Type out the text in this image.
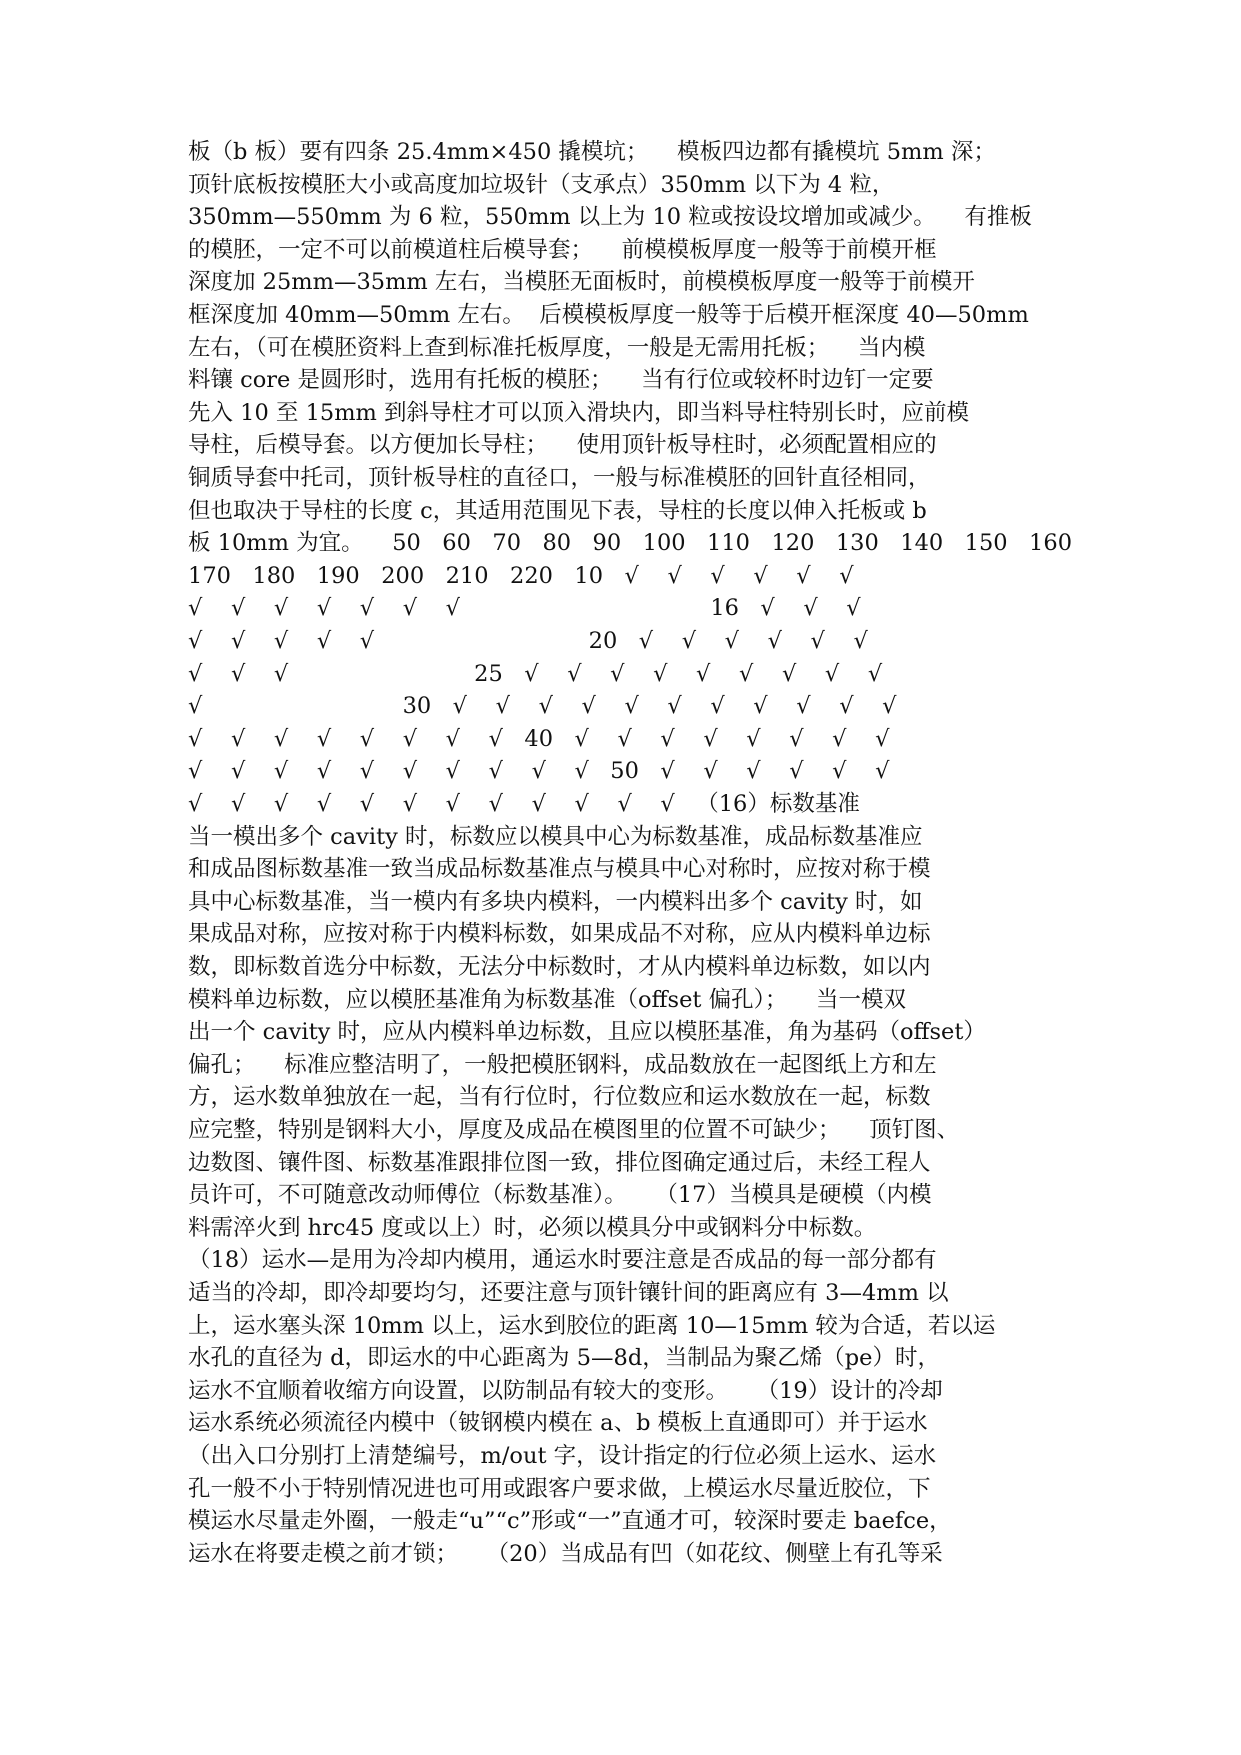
板（b 板）要有四条 25.4mm×450 撬模坑；    模板四边都有撬模坑 5mm 深；

顶针底板按模胚大小或高度加垃圾针（支承点）350mm 以下为 4 粒，

350mm—550mm 为 6 粒，550mm 以上为 10 粒或按设坟增加或减少。    有推板

的模胚，一定不可以前模道柱后模导套；    前模模板厚度一般等于前模开框

深度加 25mm—35mm 左右，当模胚无面板时，前模模板厚度一般等于前模开

框深度加 40mm—50mm 左右。  后模模板厚度一般等于后模开框深度 40—50mm

左右，（可在模胚资料上查到标准托板厚度，一般是无需用托板；    当内模

料镶 core 是圆形时，选用有托板的模胚；    当有行位或较杯时边钉一定要

先入 10 至 15mm 到斜导柱才可以顶入滑块内，即当料导柱特别长时，应前模

导柱，后模导套。以方便加长导柱；    使用顶针板导柱时，必须配置相应的

铜质导套中托司，顶针板导柱的直径口，一般与标准模胚的回针直径相同，

但也取决于导柱的长度 c，其适用范围见下表，导柱的长度以伸入托板或 b

板 10mm 为宜。    50   60   70   80   90   100   110   120   130   140   150   160

170   180   190   200   210   220   10   √    √    √    √    √    √

√    √    √    √    √    √    √                                   16   √    √    √

√    √    √    √    √                              20   √    √    √    √    √    √

√    √    √                          25   √    √    √    √    √    √    √    √    √

√                            30   √    √    √    √    √    √    √    √    √    √    √

√    √    √    √    √    √    √    √   40   √    √    √    √    √    √    √    √

√    √    √    √    √    √    √    √    √    √   50   √    √    √    √    √    √

√    √    √    √    √    √    √    √    √    √    √    √   （16）标数基准

当一模出多个 cavity 时，标数应以模具中心为标数基准，成品标数基准应

和成品图标数基准一致当成品标数基准点与模具中心对称时，应按对称于模

具中心标数基准，当一模内有多块内模料，一内模料出多个 cavity 时，如

果成品对称，应按对称于内模料标数，如果成品不对称，应从内模料单边标

数，即标数首选分中标数，无法分中标数时，才从内模料单边标数，如以内

模料单边标数，应以模胚基准角为标数基准（offset 偏孔）；    当一模双

出一个 cavity 时，应从内模料单边标数，且应以模胚基准，角为基码（offset）

偏孔；    标准应整洁明了，一般把模胚钢料，成品数放在一起图纸上方和左

方，运水数单独放在一起，当有行位时，行位数应和运水数放在一起，标数

应完整，特别是钢料大小，厚度及成品在模图里的位置不可缺少；    顶钉图、

边数图、镶件图、标数基准跟排位图一致，排位图确定通过后，未经工程人

员许可，不可随意改动师傅位（标数基准）。    （17）当模具是硬模（内模

料需淬火到 hrc45 度或以上）时，必须以模具分中或钢料分中标数。

（18）运水—是用为冷却内模用，通运水时要注意是否成品的每一部分都有

适当的冷却，即冷却要均匀，还要注意与顶针镶针间的距离应有 3—4mm 以

上，运水塞头深 10mm 以上，运水到胶位的距离 10—15mm 较为合适，若以运

水孔的直径为 d，即运水的中心距离为 5—8d，当制品为聚乙烯（pe）时，

运水不宜顺着收缩方向设置，以防制品有较大的变形。    （19）设计的冷却

运水系统必须流径内模中（铍钢模内模在 a、b 模板上直通即可）并于运水

（出入口分别打上清楚编号，m/out 字，设计指定的行位必须上运水、运水

孔一般不小于特别情况进也可用或跟客户要求做，上模运水尽量近胶位，下

模运水尽量走外圈，一般走“u”“c”形或“一”直通才可，较深时要走 baefce，

运水在将要走模之前才锁；    （20）当成品有凹（如花纹、侧壁上有孔等采
